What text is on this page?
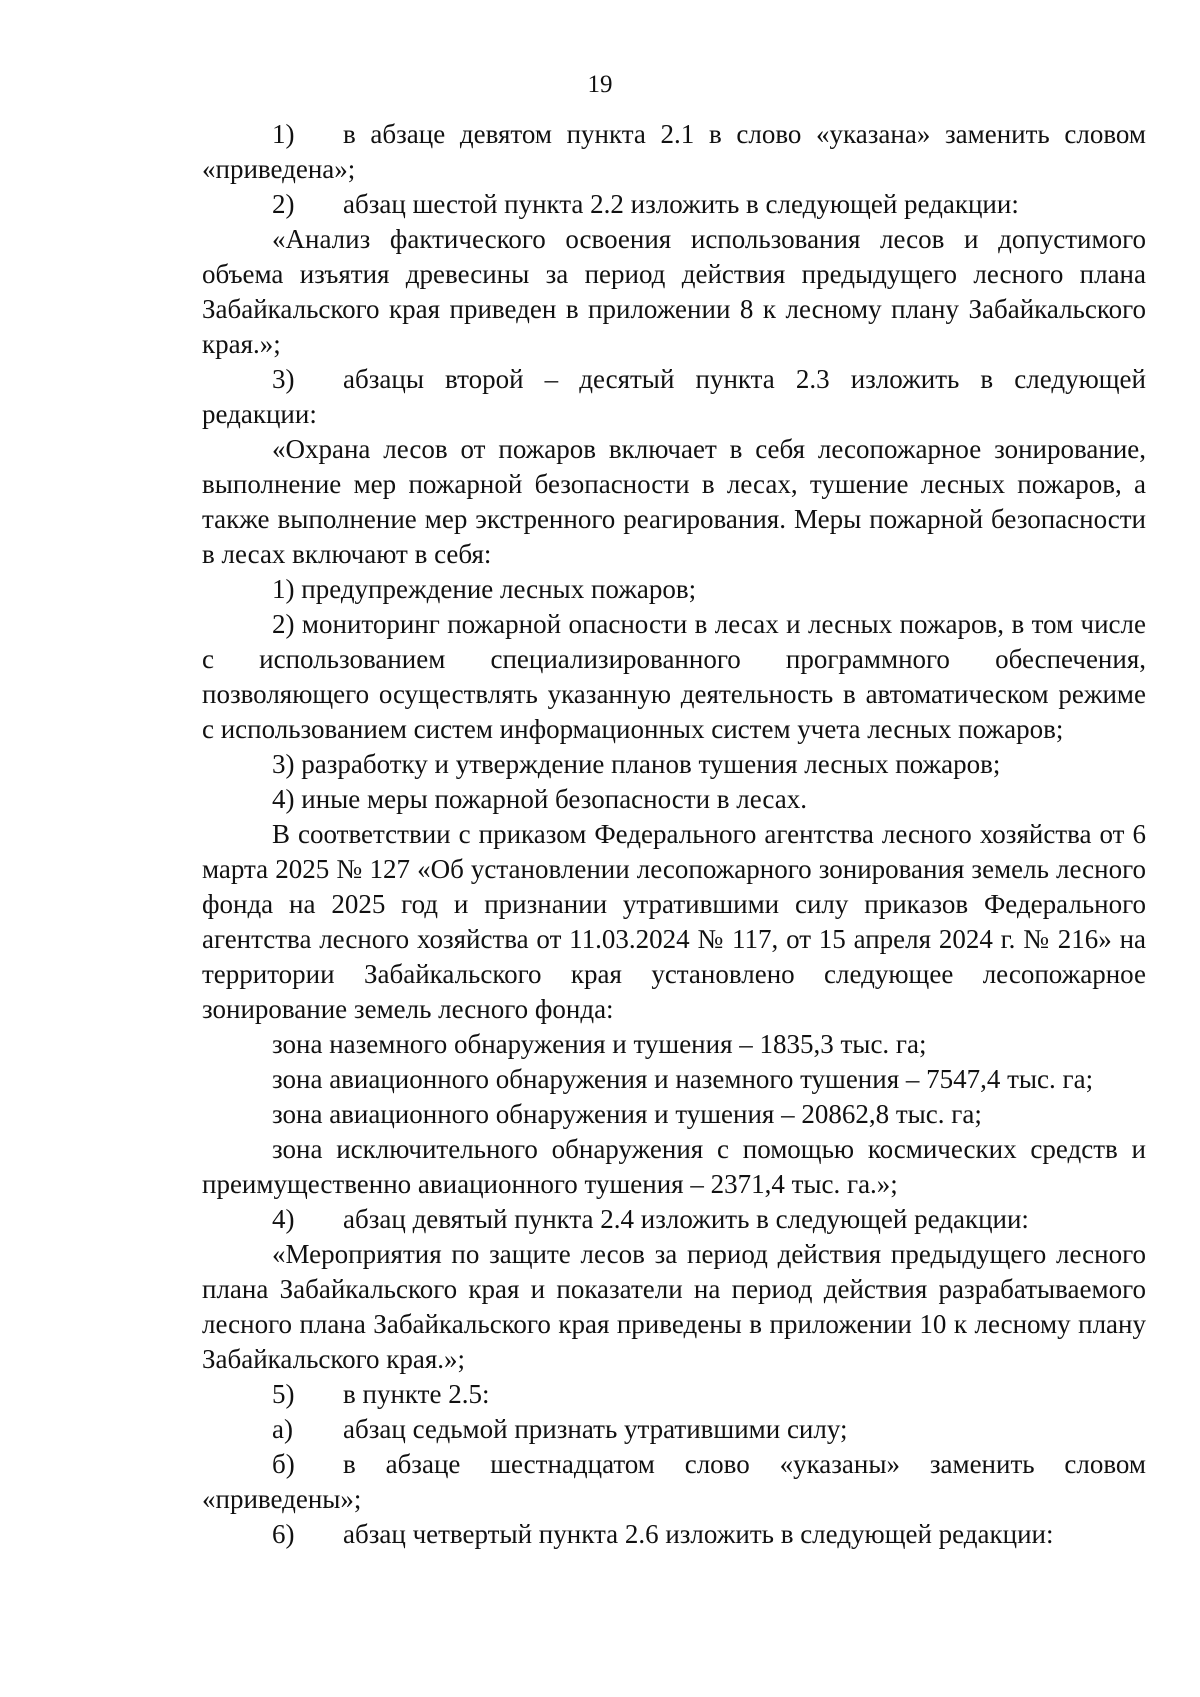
19
1)	в абзаце девятом пункта 2.1 в слово «указана» заменить словом

«приведена»;

2)	абзац шестой пункта 2.2 изложить в следующей редакции:

«Анализ фактического освоения использования лесов и допустимого объема изъятия древесины за период действия предыдущего лесного плана Забайкальского края приведен в приложении 8 к лесному плану Забайкальского края.»;

3)	абзацы второй – десятый пункта 2.3 изложить в следующей

редакции:

«Охрана лесов от пожаров включает в себя лесопожарное зонирование, выполнение мер пожарной безопасности в лесах, тушение лесных пожаров, а также выполнение мер экстренного реагирования. Меры пожарной безопасности в лесах включают в себя:

1) предупреждение лесных пожаров;

2) мониторинг пожарной опасности в лесах и лесных пожаров, в том числе с использованием специализированного программного обеспечения, позволяющего осуществлять указанную деятельность в автоматическом режиме с использованием систем информационных систем учета лесных пожаров;

3) разработку и утверждение планов тушения лесных пожаров;

4) иные меры пожарной безопасности в лесах.

В соответствии с приказом Федерального агентства лесного хозяйства от 6 марта 2025 № 127 «Об установлении лесопожарного зонирования земель лесного фонда на 2025 год и признании утратившими силу приказов Федерального агентства лесного хозяйства от 11.03.2024 № 117, от 15 апреля 2024 г. № 216» на территории Забайкальского края установлено следующее лесопожарное зонирование земель лесного фонда:

зона наземного обнаружения и тушения – 1835,3 тыс. га;

зона авиационного обнаружения и наземного тушения – 7547,4 тыс. га;

зона авиационного обнаружения и тушения – 20862,8 тыс. га;

зона исключительного обнаружения с помощью космических средств и преимущественно авиационного тушения – 2371,4 тыс. га.»;

4)	абзац девятый пункта 2.4 изложить в следующей редакции:

«Мероприятия по защите лесов за период действия предыдущего лесного плана Забайкальского края и показатели на период действия разрабатываемого лесного плана Забайкальского края приведены в приложении 10 к лесному плану Забайкальского края.»;

5)	в пункте 2.5:
а)	абзац седьмой признать утратившими силу;
б)	в абзаце шестнадцатом слово «указаны» заменить словом

«приведены»;

6)	абзац четвертый пункта 2.6 изложить в следующей редакции:
